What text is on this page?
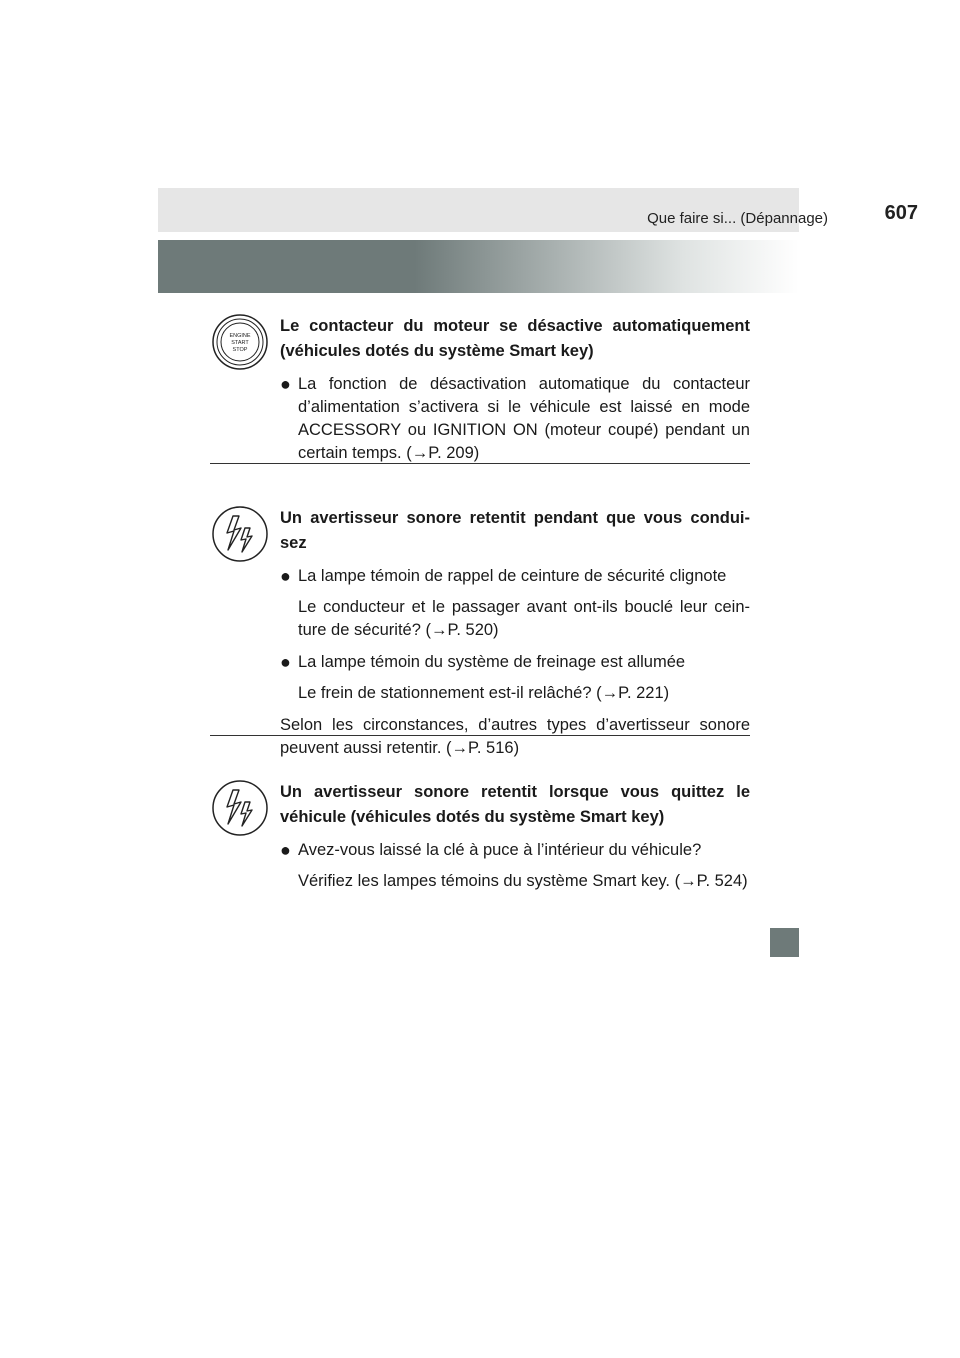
Que faire si... (Dépannage)	607
ENGINE
START
STOP

Le contacteur du moteur se désactive automatiquement (véhicules dotés du système Smart key)

● La fonction de désactivation automatique du contacteur d’alimentation s’activera si le véhicule est laissé en mode ACCESSORY ou IGNITION ON (moteur coupé) pendant un certain temps. (→P. 209)

Un avertisseur sonore retentit pendant que vous condui-sez

● La lampe témoin de rappel de ceinture de sécurité clignote

Le conducteur et le passager avant ont-ils bouclé leur cein-ture de sécurité? (→P. 520)

● La lampe témoin du système de freinage est allumée

Le frein de stationnement est-il relâché? (→P. 221)

Selon les circonstances, d’autres types d’avertisseur sonore peuvent aussi retentir. (→P. 516)

Un avertisseur sonore retentit lorsque vous quittez le véhicule (véhicules dotés du système Smart key)

● Avez-vous laissé la clé à puce à l’intérieur du véhicule?

Vérifiez les lampes témoins du système Smart key. (→P. 524)
